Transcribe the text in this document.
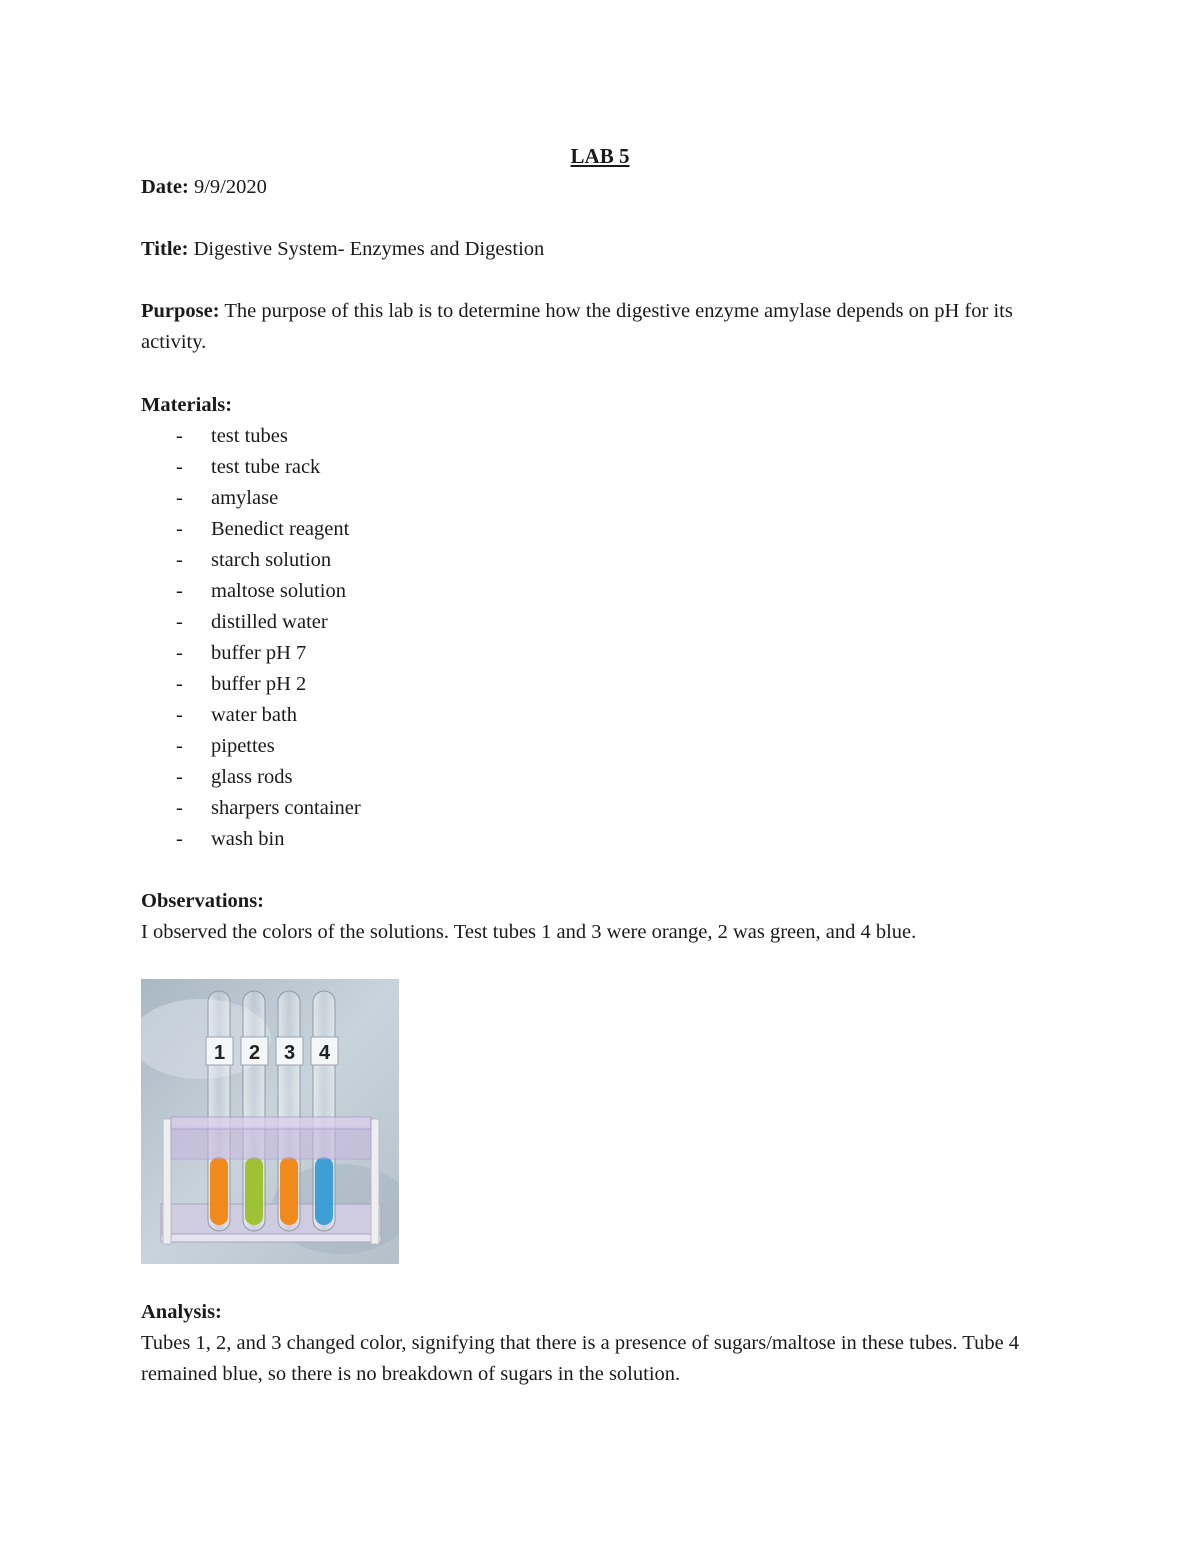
LAB 5
Date: 9/9/2020
Title: Digestive System- Enzymes and Digestion
Purpose: The purpose of this lab is to determine how the digestive enzyme amylase depends on pH for its activity.
Materials:
-	test tubes
-	test tube rack
-	amylase
-	Benedict reagent
-	starch solution
-	maltose solution
-	distilled water
-	buffer pH 7
-	buffer pH 2
-	water bath
-	pipettes
-	glass rods
-	sharpers container
-	wash bin
Observations:
I observed the colors of the solutions. Test tubes 1 and 3 were orange, 2 was green, and 4 blue.
1 2 3 4
Analysis:
Tubes 1, 2, and 3 changed color, signifying that there is a presence of sugars/maltose in these tubes. Tube 4 remained blue, so there is no breakdown of sugars in the solution.
